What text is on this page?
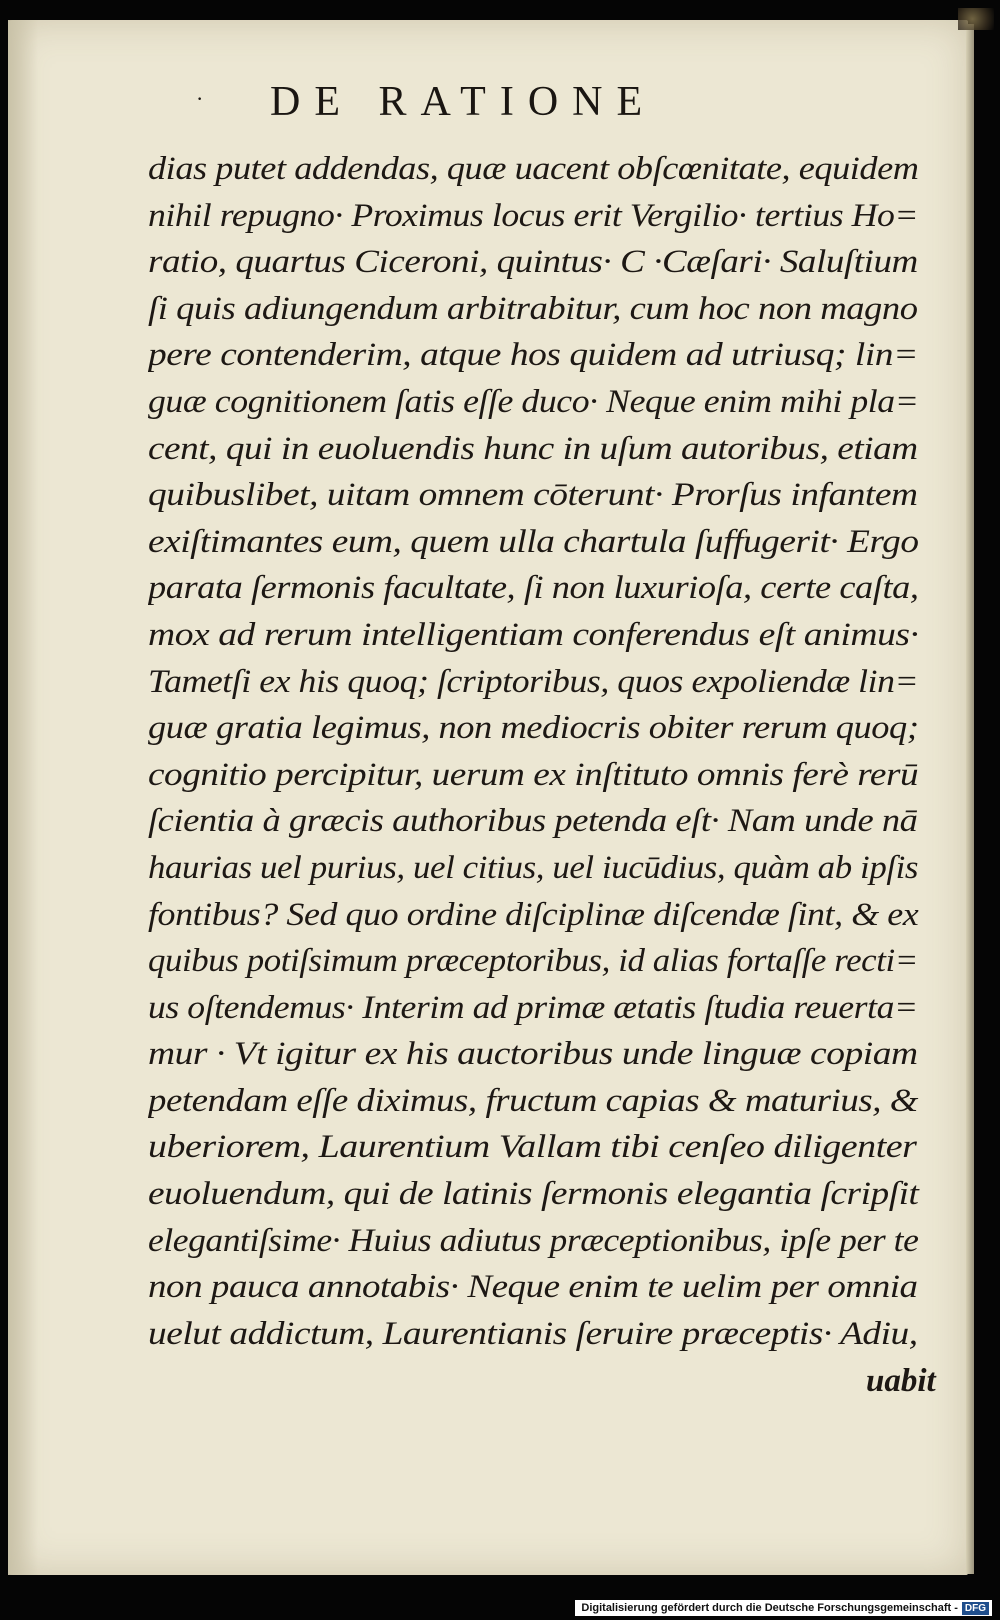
· DE RATIONE
dias putet addendas, quæ uacent obſcœnitate, equidem
nihil repugno· Proximus locus erit Vergilio· tertius Ho=
ratio, quartus Ciceroni, quintus· C ·Cæſari· Saluſtium
ſi quis adiungendum arbitrabitur, cum hoc non magno
pere contenderim, atque hos quidem ad utriusq; lin=
guæ cognitionem ſatis eſſe duco· Neque enim mihi pla=
cent, qui in euoluendis hunc in uſum autoribus, etiam
quibuslibet, uitam omnem cōterunt· Prorſus infantem
exiſtimantes eum, quem ulla chartula ſuffugerit· Ergo
parata ſermonis facultate, ſi non luxurioſa, certe caſta,
mox ad rerum intelligentiam conferendus eſt animus·
Tametſi ex his quoq; ſcriptoribus, quos expoliendæ lin=
guæ gratia legimus, non mediocris obiter rerum quoq;
cognitio percipitur, uerum ex inſtituto omnis ferè rerū
ſcientia à græcis authoribus petenda eſt· Nam unde nā
haurias uel purius, uel citius, uel iucūdius, quàm ab ipſis
fontibus? Sed quo ordine diſciplinæ diſcendæ ſint, & ex
quibus potiſsimum præceptoribus, id alias fortaſſe recti=
us oſtendemus· Interim ad primæ ætatis ſtudia reuerta=
mur · Vt igitur ex his auctoribus unde linguæ copiam
petendam eſſe diximus, fructum capias & maturius, &
uberiorem, Laurentium Vallam tibi cenſeo diligenter
euoluendum, qui de latinis ſermonis elegantia ſcripſit
elegantiſsime· Huius adiutus præceptionibus, ipſe per te
non pauca annotabis· Neque enim te uelim per omnia
uelut addictum, Laurentianis ſeruire præceptis· Adiu,
uabit
Digitalisierung gefördert durch die Deutsche Forschungsgemeinschaft - DFG
